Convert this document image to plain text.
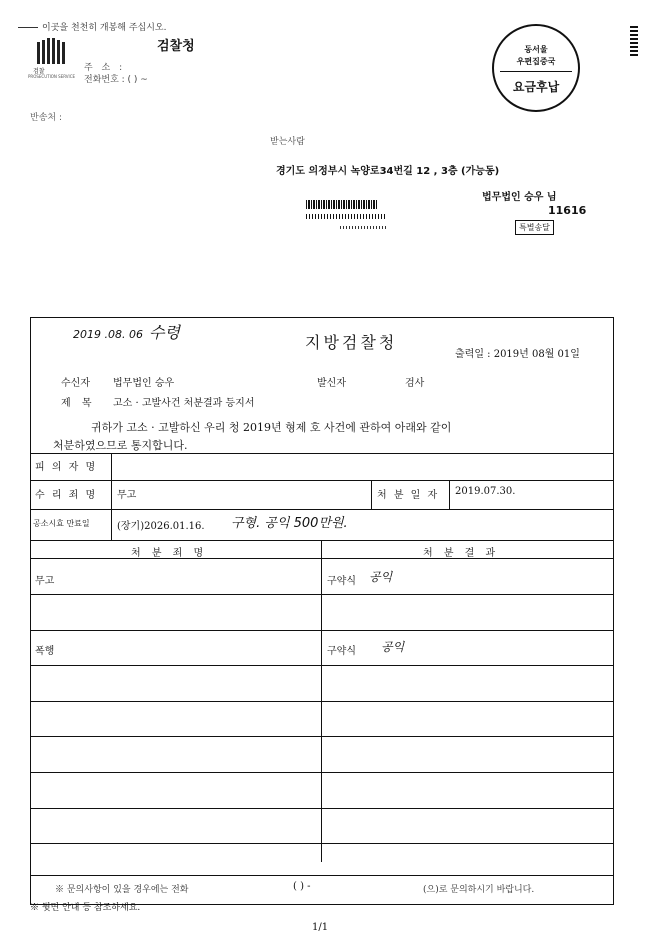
이곳을 천천히 개봉해 주십시오.
검찰
PROSECUTION SERVICE
검찰청
주 소 :
전화번호 : ( ) ~
반송처 :
동서울
우편집중국
요금후납
받는사람
경기도 의정부시 녹양로34번길 12 , 3층 (가능동)
법무법인 승우 님
11616
특별송달
2019 .08. 06 수령
지방검찰청
출력일 : 2019년 08월 01일
수신자 법무법인 승우	발신자	검사
제 목 고소 · 고발사건 처분결과 등지서
귀하가 고소 · 고발하신 우리 청 2019년 형제 호 사건에 관하여 아래와 같이
처분하였으므로 통지합니다.
피 의 자 명
수 리 죄 명 무고	처 분 일 자 2019.07.30.
공소시효 만료일	(장기)2026.01.16. 구형. 공익 500만원.
처 분 죄 명	처 분 결 과
무고	구약식 공익
폭행	구약식 공익
※ 문의사항이 있을 경우에는 전화	( ) -	(으)로 문의하시기 바랍니다.
※ 뒷면 안내 등 참조하세요.
1/1
